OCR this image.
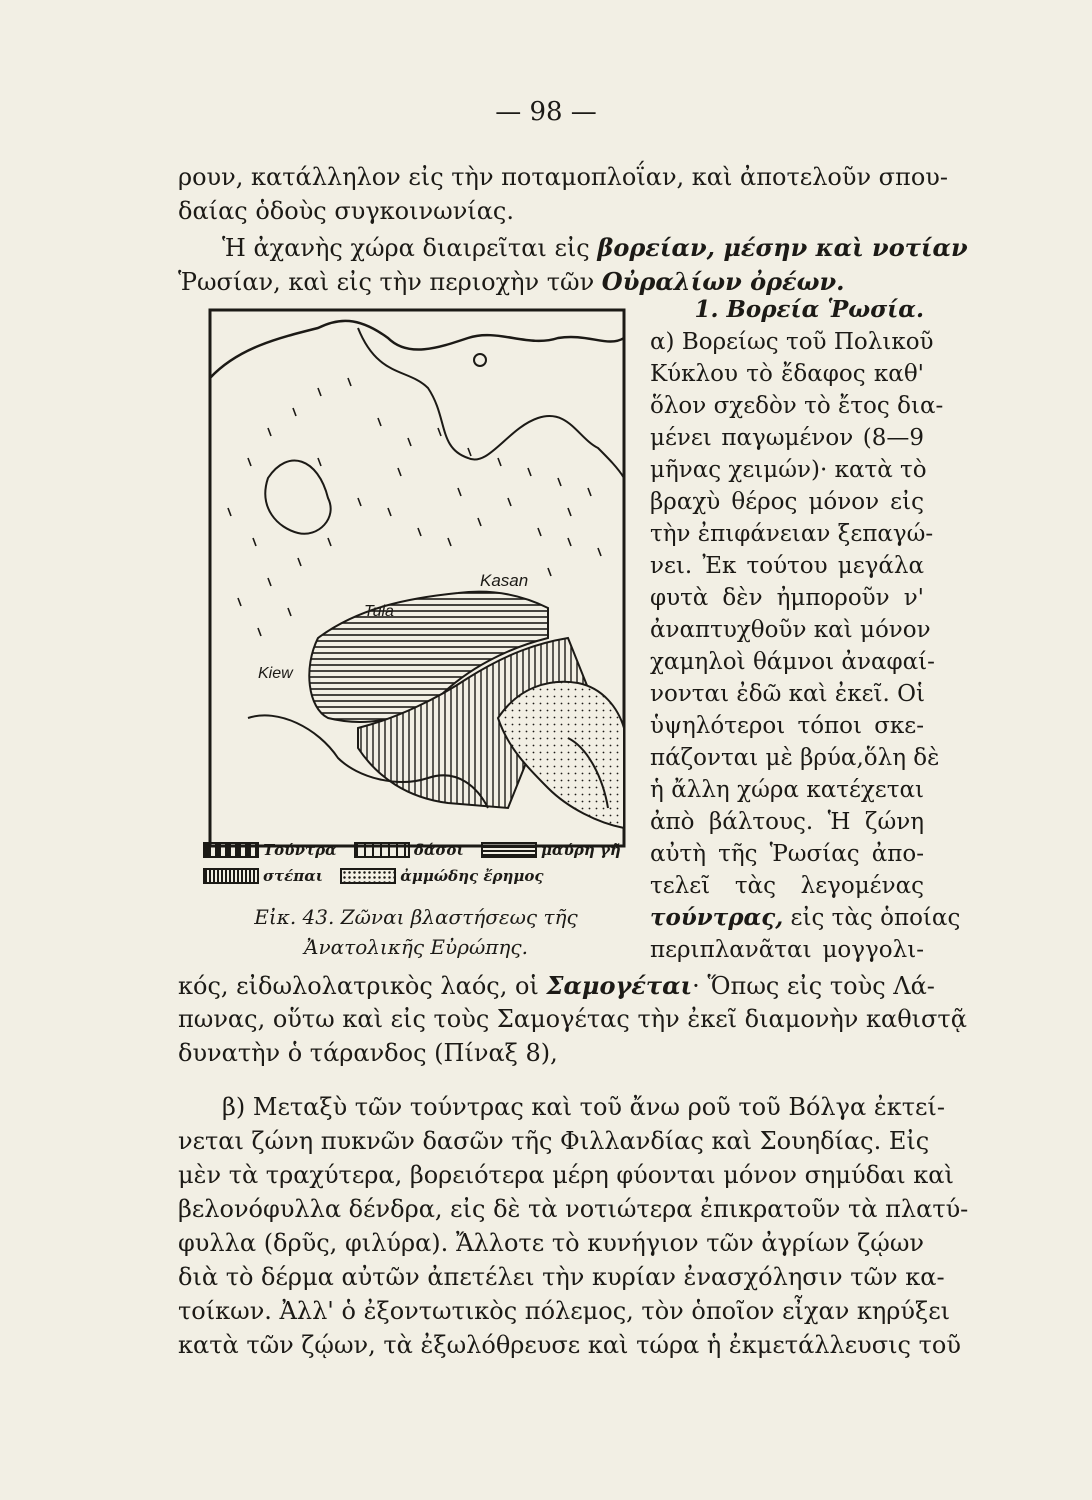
— 98 —
ρουν, κατάλληλον εἰς τὴν ποταμοπλοΐαν, καὶ ἀποτελοῦν σπου-
δαίας ὁδοὺς συγκοινωνίας.
Ἡ ἀχανὴς χώρα διαιρεῖται εἰς βορείαν, μέσην καὶ νοτίαν
Ῥωσίαν, καὶ εἰς τὴν περιοχὴν τῶν Οὐραλίων ὀρέων.
Kasan
Tula
Kiew
Τούντρα	δάσοι	μαύρη γῆ
στέπαι	ἀμμώδης ἔρημος
Εἰκ. 43. Ζῶναι βλαστήσεως τῆς
Ἀνατολικῆς Εὐρώπης.
1. Βορεία Ῥωσία.
α) Βορείως τοῦ Πολικοῦ
Κύκλου τὸ ἔδαφος καθ'
ὅλον σχεδὸν τὸ ἔτος δια-
μένει παγωμένον (8—9
μῆνας χειμών)· κατὰ τὸ
βραχὺ θέρος μόνον εἰς
τὴν ἐπιφάνειαν ξεπαγώ-
νει. Ἐκ τούτου μεγάλα
φυτὰ δὲν ἠμποροῦν ν'
ἀναπτυχθοῦν καὶ μόνον
χαμηλοὶ θάμνοι ἀναφαί-
νονται ἐδῶ καὶ ἐκεῖ. Οἱ
ὑψηλότεροι τόποι σκε-
πάζονται μὲ βρύα,ὅλη δὲ
ἡ ἄλλη χώρα κατέχεται
ἀπὸ βάλτους. Ἡ ζώνη
αὐτὴ τῆς Ῥωσίας ἀπο-
τελεῖ τὰς λεγομένας
τούντρας, εἰς τὰς ὁποίας
περιπλανᾶται μογγολι-
κός, εἰδωλολατρικὸς λαός, οἱ Σαμογέται· Ὅπως εἰς τοὺς Λά-
πωνας, οὕτω καὶ εἰς τοὺς Σαμογέτας τὴν ἐκεῖ διαμονὴν καθιστᾷ
δυνατὴν ὁ τάρανδος (Πίναξ 8),
β) Μεταξὺ τῶν τούντρας καὶ τοῦ ἄνω ροῦ τοῦ Βόλγα ἐκτεί-
νεται ζώνη πυκνῶν δασῶν τῆς Φιλλανδίας καὶ Σουηδίας. Εἰς
μὲν τὰ τραχύτερα, βορειότερα μέρη φύονται μόνον σημύδαι καὶ
βελονόφυλλα δένδρα, εἰς δὲ τὰ νοτιώτερα ἐπικρατοῦν τὰ πλατύ-
φυλλα (δρῦς, φιλύρα). Ἄλλοτε τὸ κυνήγιον τῶν ἀγρίων ζῴων
διὰ τὸ δέρμα αὐτῶν ἀπετέλει τὴν κυρίαν ἐνασχόλησιν τῶν κα-
τοίκων. Ἀλλ' ὁ ἐξοντωτικὸς πόλεμος, τὸν ὁποῖον εἶχαν κηρύξει
κατὰ τῶν ζῴων, τὰ ἐξωλόθρευσε καὶ τώρα ἡ ἐκμετάλλευσις τοῦ
